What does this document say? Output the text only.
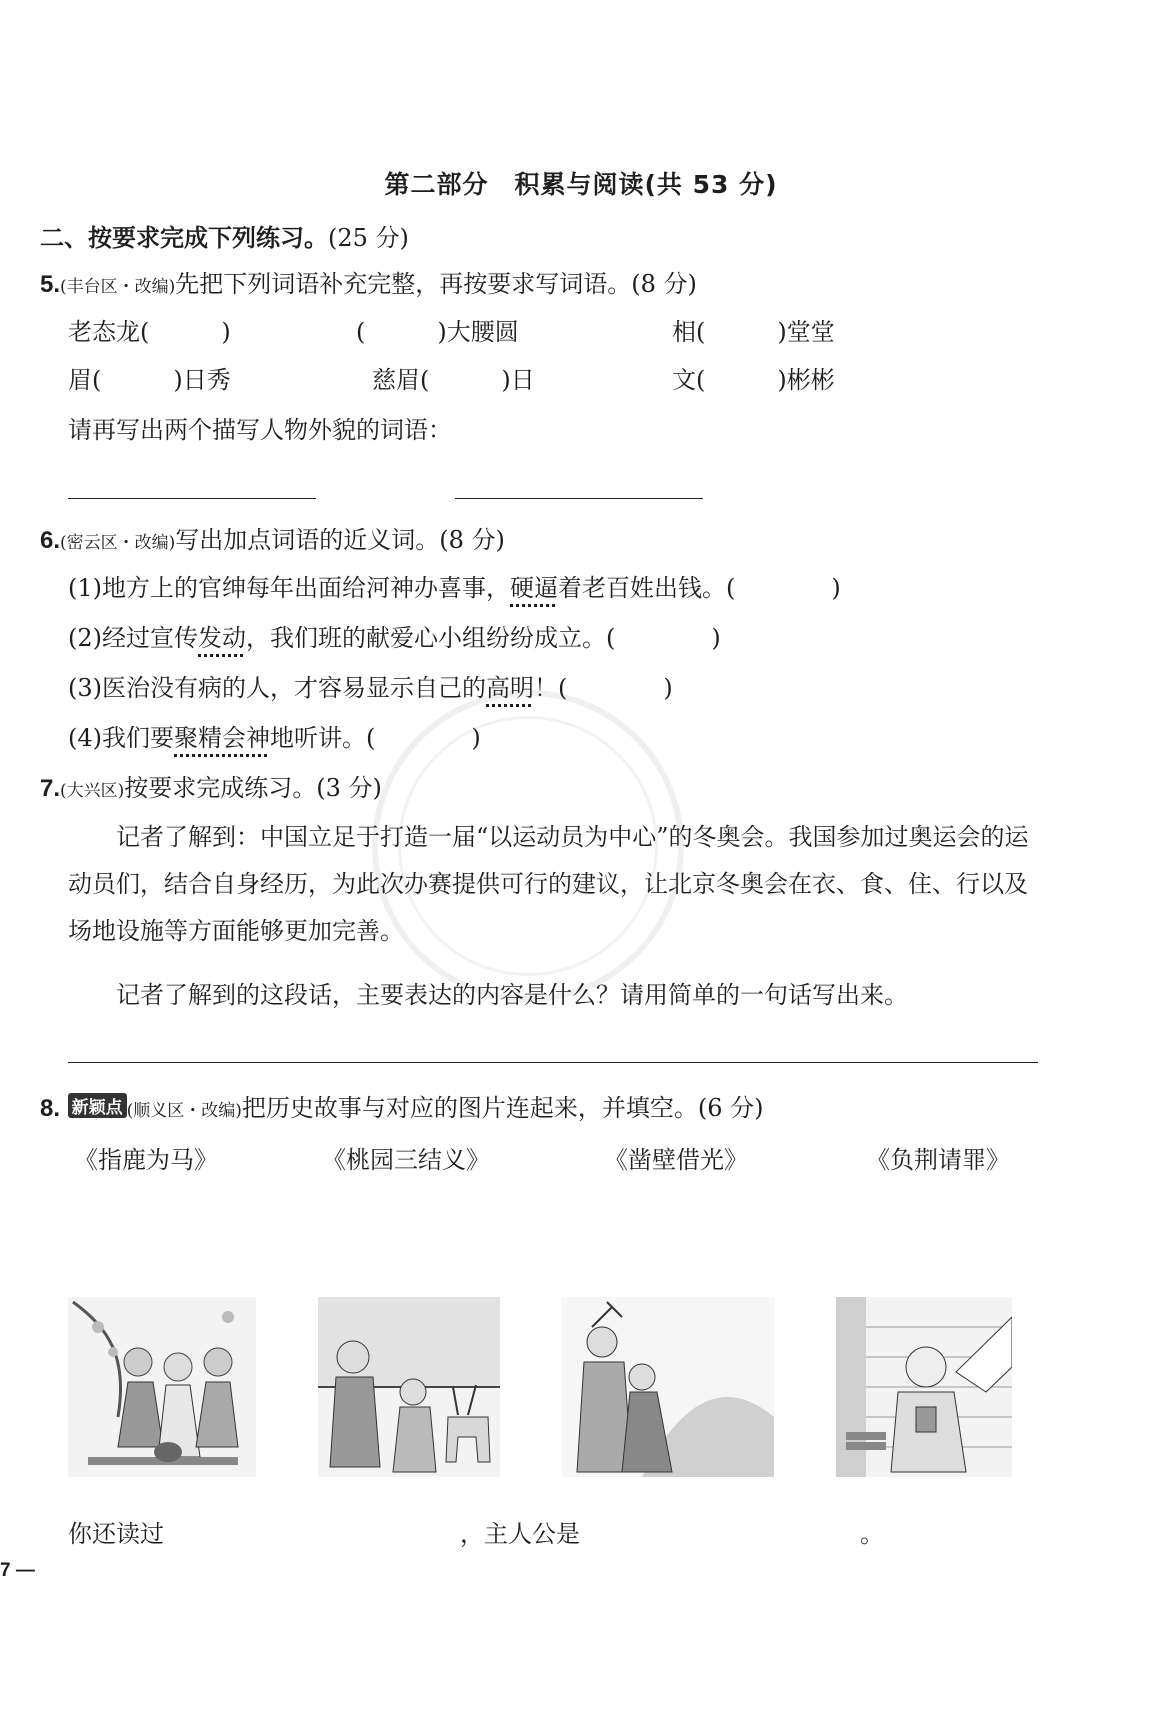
第二部分　积累与阅读(共 53 分)
二、按要求完成下列练习。(25 分)
5.(丰台区・改编)先把下列词语补充完整，再按要求写词语。(8 分)
老态龙(　　　)	(　　　)大腰圆	相(　　　)堂堂
眉(　　　)日秀	慈眉(　　　)日	文(　　　)彬彬
请再写出两个描写人物外貌的词语：
6.(密云区・改编)写出加点词语的近义词。(8 分)
(1)地方上的官绅每年出面给河神办喜事，硬逼着老百姓出钱。(　　　　)
(2)经过宣传发动，我们班的献爱心小组纷纷成立。(　　　　)
(3)医治没有病的人，才容易显示自己的高明！(　　　　)
(4)我们要聚精会神地听讲。(　　　　)
7.(大兴区)按要求完成练习。(3 分)
　　记者了解到：中国立足于打造一届“以运动员为中心”的冬奥会。我国参加过奥运会的运动员们，结合自身经历，为此次办赛提供可行的建议，让北京冬奥会在衣、食、住、行以及场地设施等方面能够更加完善。
　　记者了解到的这段话，主要表达的内容是什么？请用简单的一句话写出来。
8. 新颖点 (顺义区・改编)把历史故事与对应的图片连起来，并填空。(6 分)
《指鹿为马》	《桃园三结义》	《凿壁借光》	《负荆请罪》
你还读过	，主人公是	。
7 —
